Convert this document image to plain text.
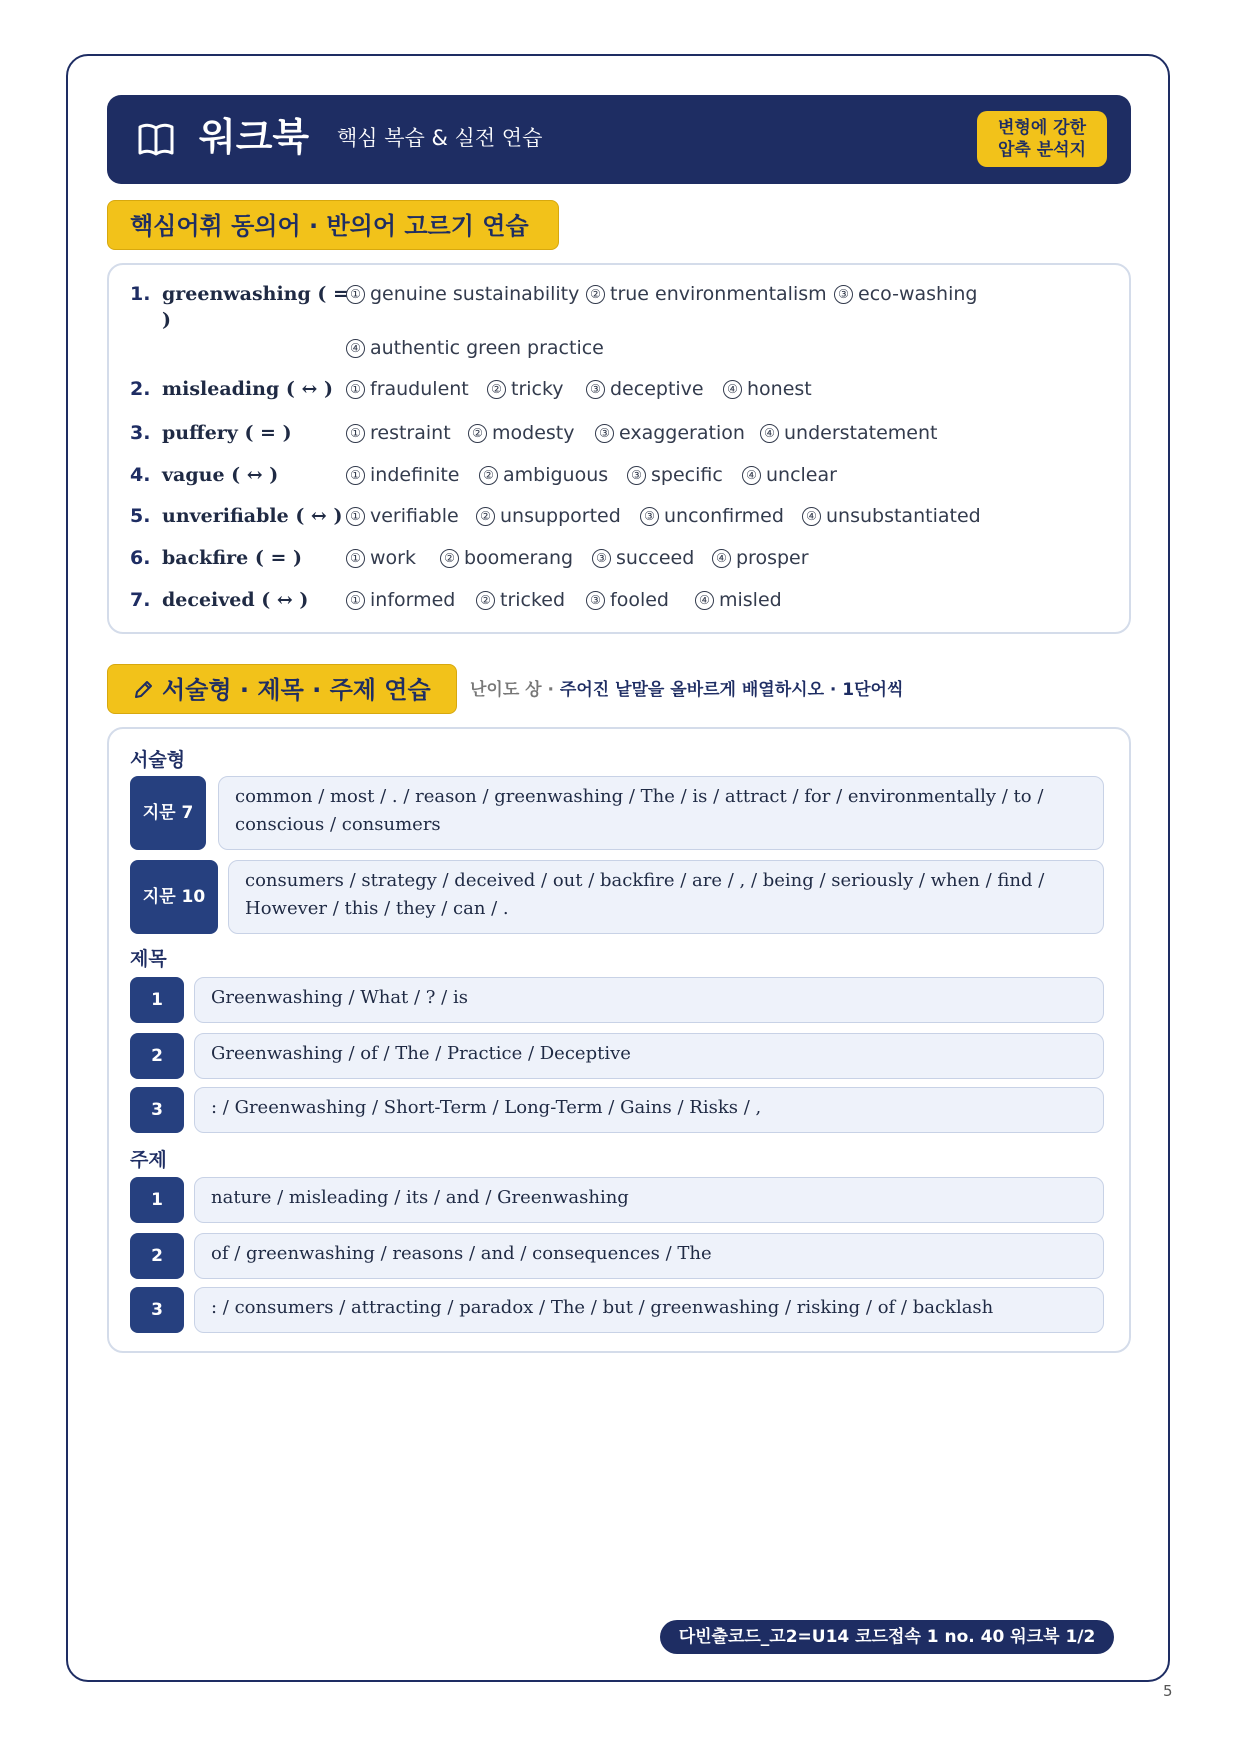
워크북 핵심 복습 & 실전 연습	변형에 강한
압축 분석지
핵심어휘 동의어 · 반의어 고르기 연습
1. greenwashing ( = ① genuine sustainability ② true environmentalism ③ eco-washing
)
④ authentic green practice
2. misleading ( ↔ )	① fraudulent	② tricky	③ deceptive	④ honest
3. puffery ( = )	① restraint	② modesty	③ exaggeration	④ understatement
4. vague ( ↔ )	① indefinite	② ambiguous	③ specific	④ unclear
5. unverifiable ( ↔ ) ① verifiable	② unsupported	③ unconfirmed	④ unsubstantiated
6. backfire ( = )	① work	② boomerang	③ succeed	④ prosper
7. deceived ( ↔ )	① informed	② tricked	③ fooled	④ misled
서술형 · 제목 · 주제 연습	난이도 상 · 주어진 낱말을 올바르게 배열하시오 · 1단어씩
서술형
지문 7
common / most / . / reason / greenwashing / The / is / attract / for / environmentally / to / conscious / consumers
지문 10
consumers / strategy / deceived / out / backfire / are / , / being / seriously / when / find / However / this / they / can / .
제목
1	Greenwashing / What / ? / is
2	Greenwashing / of / The / Practice / Deceptive
3	: / Greenwashing / Short-Term / Long-Term / Gains / Risks / ,
주제
1	nature / misleading / its / and / Greenwashing
2	of / greenwashing / reasons / and / consequences / The
3	: / consumers / attracting / paradox / The / but / greenwashing / risking / of / backlash
다빈출코드_고2=U14 코드접속 1 no. 40 워크북 1/2
5
